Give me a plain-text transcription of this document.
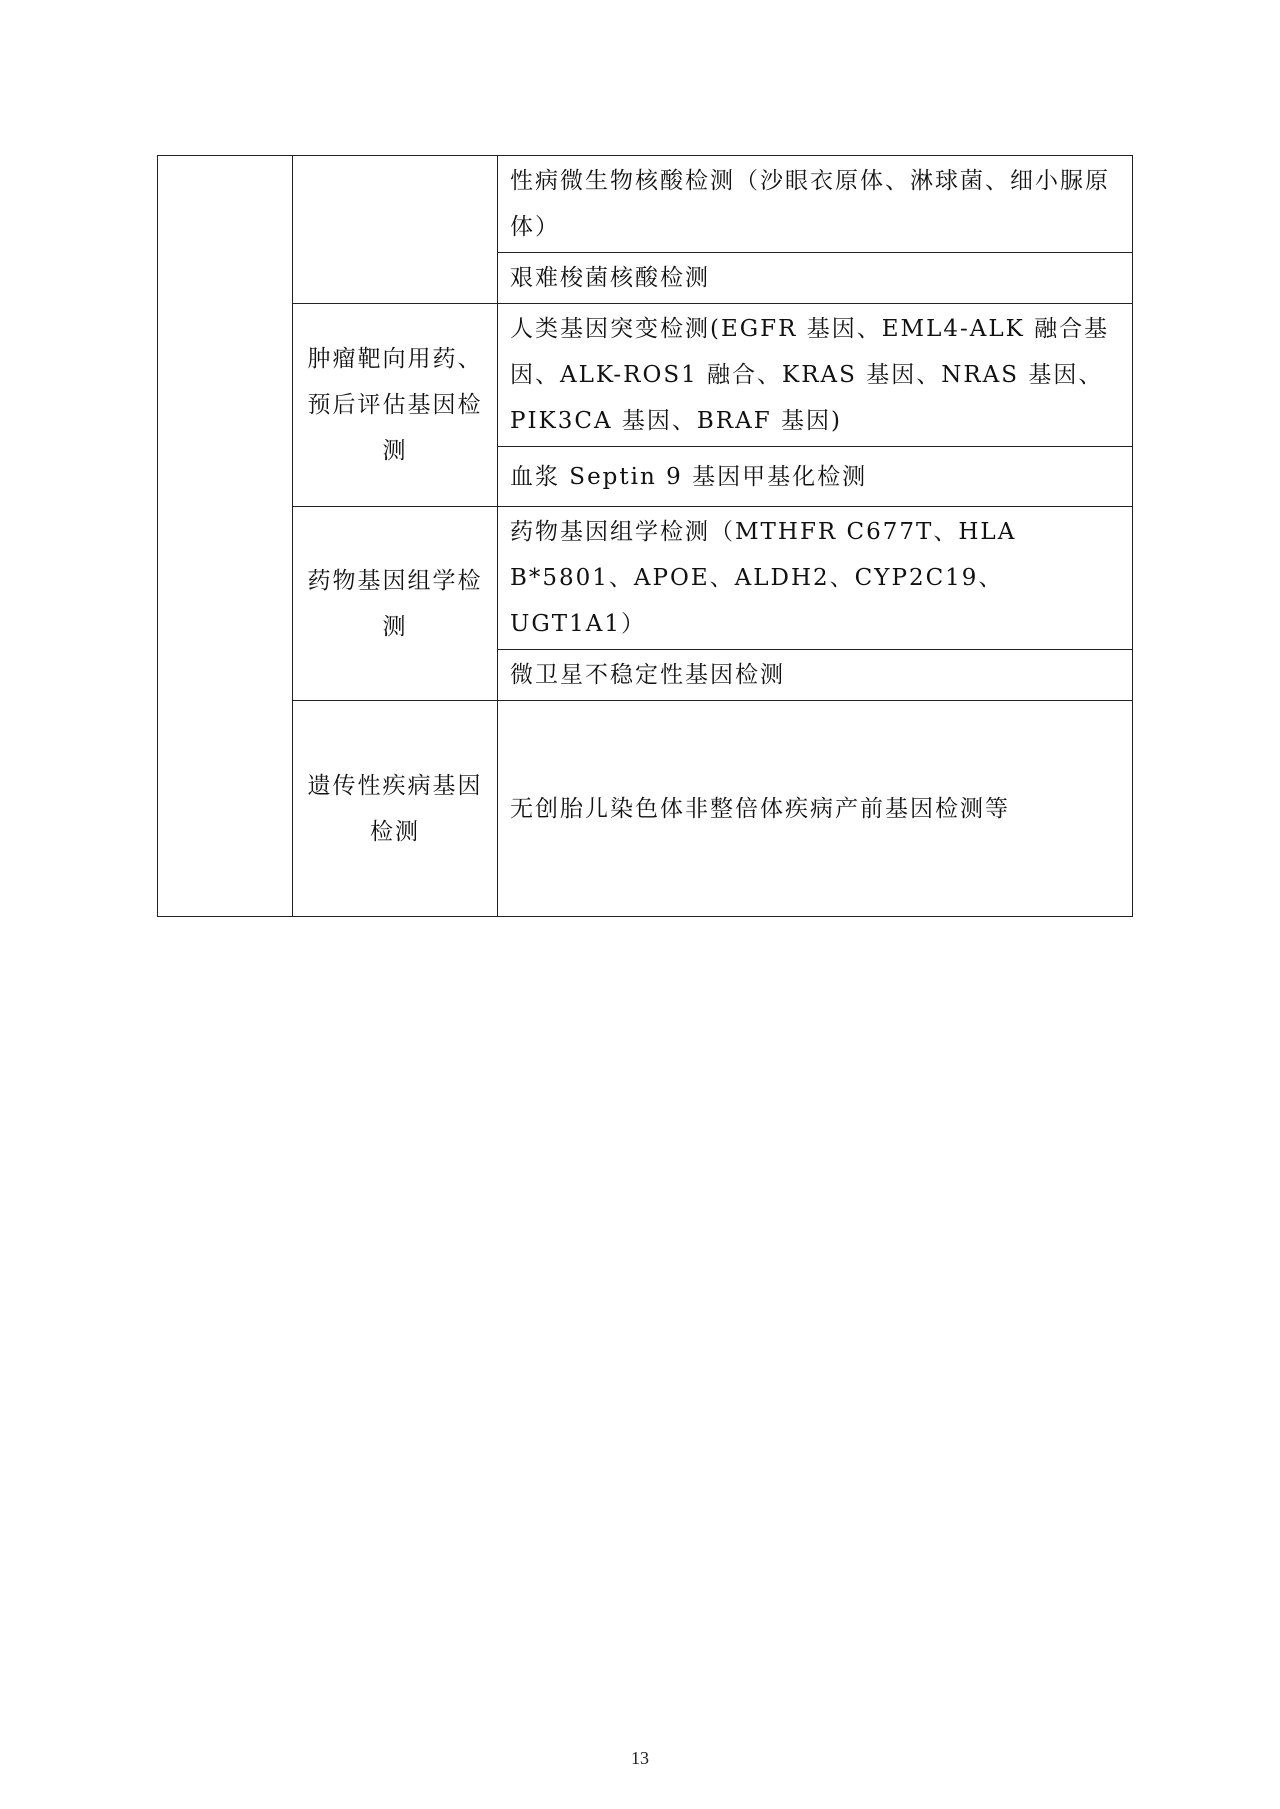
		性病微生物核酸检测（沙眼衣原体、淋球菌、细小脲原体）
		艰难梭菌核酸检测
	肿瘤靶向用药、预后评估基因检测	人类基因突变检测(EGFR 基因、EML4-ALK 融合基因、ALK-ROS1 融合、KRAS 基因、NRAS 基因、PIK3CA 基因、BRAF 基因)
		血浆 Septin 9 基因甲基化检测
	药物基因组学检测	药物基因组学检测（MTHFR C677T、HLA B*5801、APOE、ALDH2、CYP2C19、UGT1A1）
		微卫星不稳定性基因检测
	遗传性疾病基因检测	无创胎儿染色体非整倍体疾病产前基因检测等
13
